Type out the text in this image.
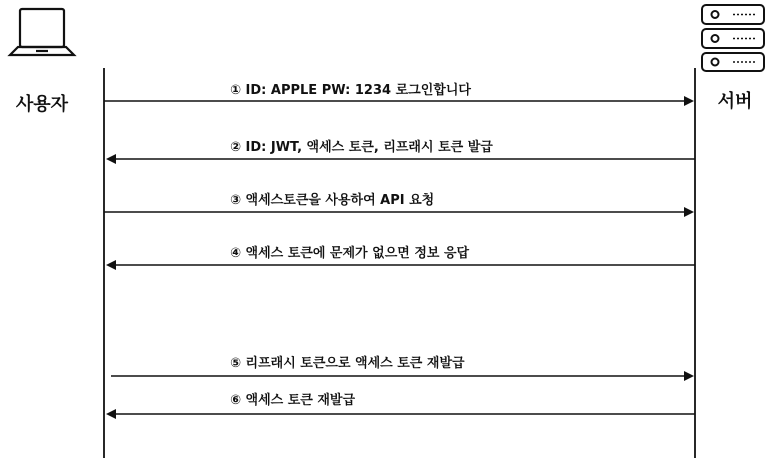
사용자	서버
① ID: APPLE PW: 1234 로그인합니다
② ID: JWT, 액세스 토큰, 리프래시 토큰 발급
③ 액세스토큰을 사용하여 API 요청
④ 액세스 토큰에 문제가 없으면 정보 응답
⑤ 리프래시 토큰으로 액세스 토큰 재발급
⑥ 액세스 토큰 재발급
